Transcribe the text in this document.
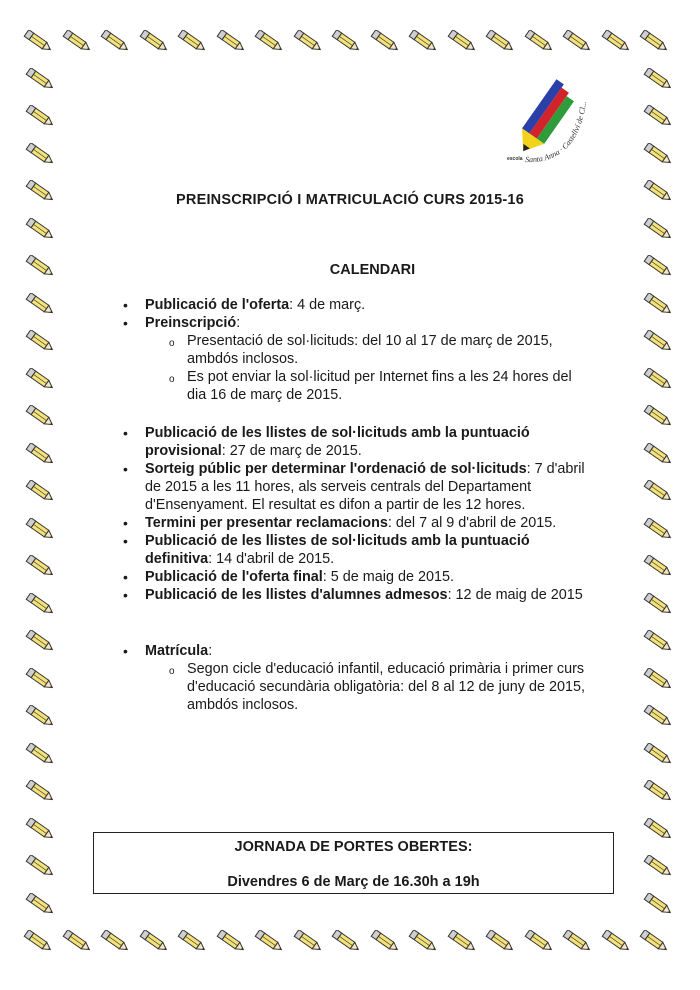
Santa Anna · Castellví de Cl...
escola
PREINSCRIPCIÓ I MATRICULACIÓ CURS 2015-16
CALENDARI

• Publicació de l'oferta: 4 de març.

• Preinscripció:

o Presentació de sol·licituds: del 10 al 17 de març de 2015, ambdós inclosos.

o Es pot enviar la sol·licitud per Internet fins a les 24 hores del dia 16 de març de 2015.

• Publicació de les llistes de sol·licituds amb la puntuació provisional: 27 de març de 2015.

• Sorteig públic per determinar l'ordenació de sol·licituds: 7 d'abril de 2015 a les 11 hores, als serveis centrals del Departament d'Ensenyament. El resultat es difon a partir de les 12 hores.

• Termini per presentar reclamacions: del 7 al 9 d'abril de 2015.

• Publicació de les llistes de sol·licituds amb la puntuació definitiva: 14 d'abril de 2015.

• Publicació de l'oferta final: 5 de maig de 2015.

• Publicació de les llistes d'alumnes admesos: 12 de maig de 2015

• Matrícula:

o Segon cicle d'educació infantil, educació primària i primer curs d'educació secundària obligatòria: del 8 al 12 de juny de 2015, ambdós inclosos.

JORNADA DE PORTES OBERTES:
Divendres 6 de Març de 16.30h a 19h
